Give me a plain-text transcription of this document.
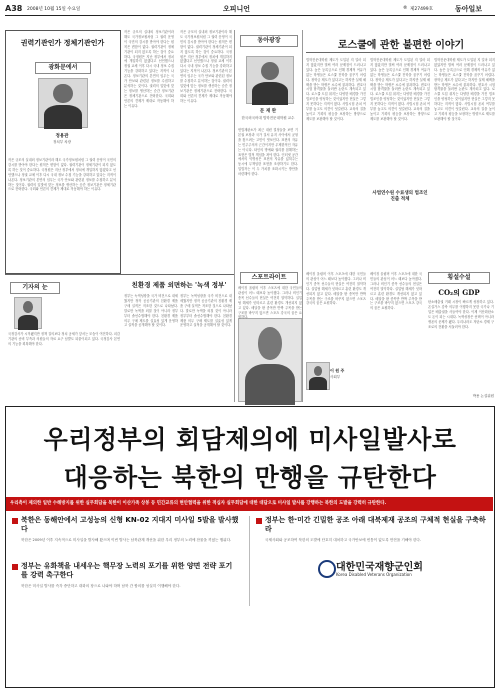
A38 2008년 10월 15일 수요일	오피니언	® 제27499호	동아일보
권력기관인가 정체기관인가
광화문에서
정용관
정치부 차장
작은 규모의 실내외 정보기관이라 해도 국가정보원처럼 그 권력 운영이 국민의 감시를 받아야 한다는 원칙은 변함이 없다. 권력기관이 정체기관이 되지 않도록 하는 것이 중요하다. 국정원은 지난 정부에서 정치에 개입하지 않겠다고 선언했으나 정권 교체 이후 다시 국내 정보 수집 기능을 강화하고 있다는 지적이 나온다. 정보기관의 본연의 임무는 국가 안보와 관련된 정보를 수집하고 분석하는 것이다. 권력의 입맛에 맞는 정보를 생산하는 순간 정보기관은 정체기관으로 전락한다. 국회와 언론의 견제가 제대로 작동해야 하는 이유다.
작은 규모의 실내외 정보기관이라 해도 국가정보원처럼 그 권력 운영이 국민의 감시를 받아야 한다는 원칙은 변함이 없다. 권력기관이 정체기관이 되지 않도록 하는 것이 중요하다. 국정원은 지난 정부에서 정치에 개입하지 않겠다고 선언했으나 정권 교체 이후 다시 국내 정보 수집 기능을 강화하고 있다는 지적이 나온다. 정보기관의 본연의 임무는 국가 안보와 관련된 정보를 수집하고 분석하는 것이다. 권력의 입맛에 맞는 정보를 생산하는 순간 정보기관은 정체기관으로 전락한다. 국회와 언론의 견제가 제대로 작동해야 하는 이유다.
작은 규모의 실내외 정보기관이라 해도 국가정보원처럼 그 권력 운영이 국민의 감시를 받아야 한다는 원칙은 변함이 없다. 권력기관이 정체기관이 되지 않도록 하는 것이 중요하다. 국정원은 지난 정부에서 정치에 개입하지 않겠다고 선언했으나 정권 교체 이후 다시 국내 정보 수집 기능을 강화하고 있다는 지적이 나온다. 정보기관의 본연의 임무는 국가 안보와 관련된 정보를 수집하고 분석하는 것이다. 권력의 입맛에 맞는 정보를 생산하는 순간 정보기관은 정체기관으로 전락한다. 국회와 언론의 견제가 제대로 작동해야 하는 이유다.
동아광장
문 재 완
한국외국어대 법학전문대학원 교수
헌법재판소가 최근 내린 결정들을 보면 기본권 보장과 국가 질서 유지 사이에서 균형을 찾으려는 고민이 엿보인다. 표현의 자유는 민주주의의 근간이지만 무제한적인 자유는 아니다. 타인의 명예와 권리를 침해하는 표현은 법적 책임을 져야 한다. 인터넷 공간에서의 익명성은 표현의 자유를 넓혀주는 동시에 무책임한 표현을 조장하기도 한다. 입법자는 이 두 가치를 조화시키는 방안을 마련해야 한다.
로스쿨에 관한 불편한 이야기
법학전문대학원 제도가 도입된 지 얼마 되지 않았지만 벌써 여러 문제점이 드러나고 있다. 높은 등록금으로 인해 경제적 여유가 없는 학생들은 로스쿨 진학을 꿈꾸기 어렵다. 장학금 제도가 있다고는 하지만 실제 혜택을 받는 학생은 소수에 불과하다. 변호사 시험 합격률을 둘러싼 논란도 계속되고 있다. 로스쿨 도입 취지는 다양한 배경을 가진 법조인을 양성하는 것이었지만 현실은 그렇지 못하다는 지적이 많다. 사법시험 존치 여부를 놓고도 의견이 엇갈린다. 교육의 질을 높이고 기회의 평등을 보장하는 방향으로 제도를 보완해야 할 것이다.
법학전문대학원 제도가 도입된 지 얼마 되지 않았지만 벌써 여러 문제점이 드러나고 있다. 높은 등록금으로 인해 경제적 여유가 없는 학생들은 로스쿨 진학을 꿈꾸기 어렵다. 장학금 제도가 있다고는 하지만 실제 혜택을 받는 학생은 소수에 불과하다. 변호사 시험 합격률을 둘러싼 논란도 계속되고 있다. 로스쿨 도입 취지는 다양한 배경을 가진 법조인을 양성하는 것이었지만 현실은 그렇지 못하다는 지적이 많다. 사법시험 존치 여부를 놓고도 의견이 엇갈린다. 교육의 질을 높이고 기회의 평등을 보장하는 방향으로 제도를 보완해야 할 것이다.
법학전문대학원 제도가 도입된 지 얼마 되지 않았지만 벌써 여러 문제점이 드러나고 있다. 높은 등록금으로 인해 경제적 여유가 없는 학생들은 로스쿨 진학을 꿈꾸기 어렵다. 장학금 제도가 있다고는 하지만 실제 혜택을 받는 학생은 소수에 불과하다. 변호사 시험 합격률을 둘러싼 논란도 계속되고 있다. 로스쿨 도입 취지는 다양한 배경을 가진 법조인을 양성하는 것이었지만 현실은 그렇지 못하다는 지적이 많다. 사법시험 존치 여부를 놓고도 의견이 엇갈린다. 교육의 질을 높이고 기회의 평등을 보장하는 방향으로 제도를 보완해야 할 것이다.
사법연수원 수료생의 법조인 진출 적체
스포트라이트
베이징 올림픽 이후 스포츠에 대한 국민들의 관심이 어느 때보다 높아졌다. 그러나 비인기 종목 선수들의 현실은 여전히 열악하다. 실업팀 해체가 잇따르고 훈련 환경도 개선되지 않고 있다. 메달을 딴 종목만 반짝 주목을 받는 구조를 바꾸지 않으면 스포츠 강국의 꿈은 요원하다.
베이징 올림픽 이후 스포츠에 대한 국민들의 관심이 어느 때보다 높아졌다. 그러나 비인기 종목 선수들의 현실은 여전히 열악하다. 실업팀 해체가 잇따르고 훈련 환경도 개선되지 않고 있다. 메달을 딴 종목만 반짝 주목을 받는 구조를 바꾸지 않으면 스포츠 강국의 꿈은 요원하다.
베이징 올림픽 이후 스포츠에 대한 국민들의 관심이 어느 때보다 높아졌다. 그러나 비인기 종목 선수들의 현실은 여전히 열악하다. 실업팀 해체가 잇따르고 훈련 환경도 개선되지 않고 있다. 메달을 딴 종목만 반짝 주목을 받는 구조를 바꾸지 않으면 스포츠 강국의 꿈은 요원하다.
이 원 주
사회부
횡설수설
CO₂의 GDP
탄소배출권 거래 시장이 빠르게 성장하고 있다. 온실가스 감축 의무를 이행하지 못한 국가나 기업은 배출권을 사들여야 한다. 이제 이산화탄소도 돈이 되는 시대다. 녹색성장은 선택이 아니라 생존의 문제가 됐다. 우리나라도 저탄소 경제 구조로의 전환을 서둘러야 한다.
박용 논설위원
기자의 눈
국정감사가 시작됐지만 정책 질의보다 정치 공세가 앞서는 모습이 여전하다. 피감기관의 준비 부족과 의원들의 자료 요구 남발도 되풀이되고 있다. 국정감사 본연의 기능을 회복해야 한다.
친환경 제품 외면하는 '녹색 정부'
정부는 녹색성장을 국가 비전으로 내세웠지만 정작 공공기관의 친환경 제품 구매 실적은 저조한 것으로 나타났다. 말로만 녹색을 외칠 것이 아니라 정부부터 솔선수범해야 한다. 친환경 제품 의무 구매 제도를 실효성 있게 운영하고 실적을 공개해야 할 것이다.
정부는 녹색성장을 국가 비전으로 내세웠지만 정작 공공기관의 친환경 제품 구매 실적은 저조한 것으로 나타났다. 말로만 녹색을 외칠 것이 아니라 정부부터 솔선수범해야 한다. 친환경 제품 의무 구매 제도를 실효성 있게 운영하고 실적을 공개해야 할 것이다.
우리정부의 회담제의에 미사일발사로
대응하는 북한의 만행을 규탄한다
우리측이 제의한 일반 수해방지를 위한 실무회담을 북한이 이산가족 상봉 등 민간교류의 현안협력을 위한 적십자 실무회담에 대한 대답으로 미사일 발사를 강행하는 북한의 도발을 강력히 규탄한다.
북한은 동해안에서 고성능의 신형 KN-02 지대지 미사일 5발을 발사했다
북한은 2009년 이후 지속적으로 미사일을 발사해 왔으며 이번 발사는 남북관계 개선을 위한 우리 정부의 노력에 찬물을 끼얹는 행위다.
정부는 한·미간 긴밀한 공조 아래 대북제재 공조의 구체적 현실을 구축하라
국제사회와 공조하여 북한의 도발에 단호히 대처하고 국가안보에 빈틈이 없도록 만전을 기해야 한다.
정부는 유화책을 내세우는 핵무장 노력의 포기를 위한 양면 전략 포기를 강력 촉구한다
북한은 미사일 발사를 즉각 중단하고 대화의 장으로 나와야 하며 남북 간 합의를 성실히 이행해야 한다.
대한민국재향군인회
Korea Disabled Veterans Organization
